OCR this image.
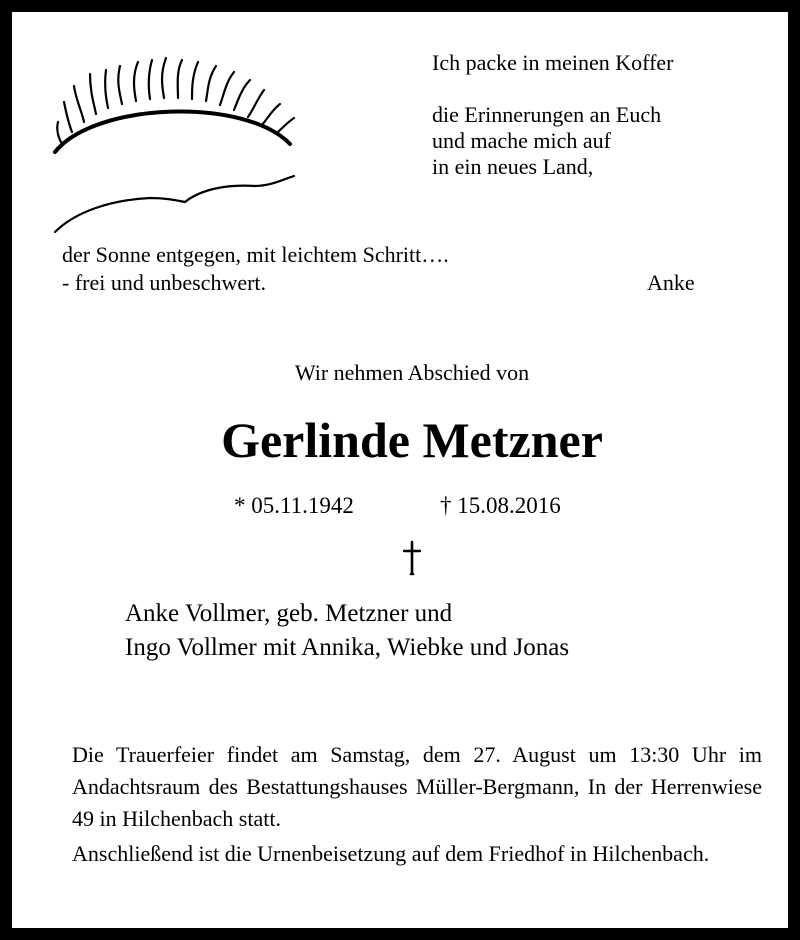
Ich packe in meinen Koffer
die Erinnerungen an Euch
und mache mich auf
in ein neues Land,
der Sonne entgegen, mit leichtem Schritt….
- frei und unbeschwert.	Anke
Wir nehmen Abschied von
Gerlinde Metzner
* 05.11.1942	† 15.08.2016
Anke Vollmer, geb. Metzner und
Ingo Vollmer mit Annika, Wiebke und Jonas

Die Trauerfeier findet am Samstag, dem 27. August um 13:30 Uhr im Andachtsraum des Bestattungshauses Müller-Bergmann, In der Herrenwiese 49 in Hilchenbach statt.

Anschließend ist die Urnenbeisetzung auf dem Friedhof in Hilchenbach.
